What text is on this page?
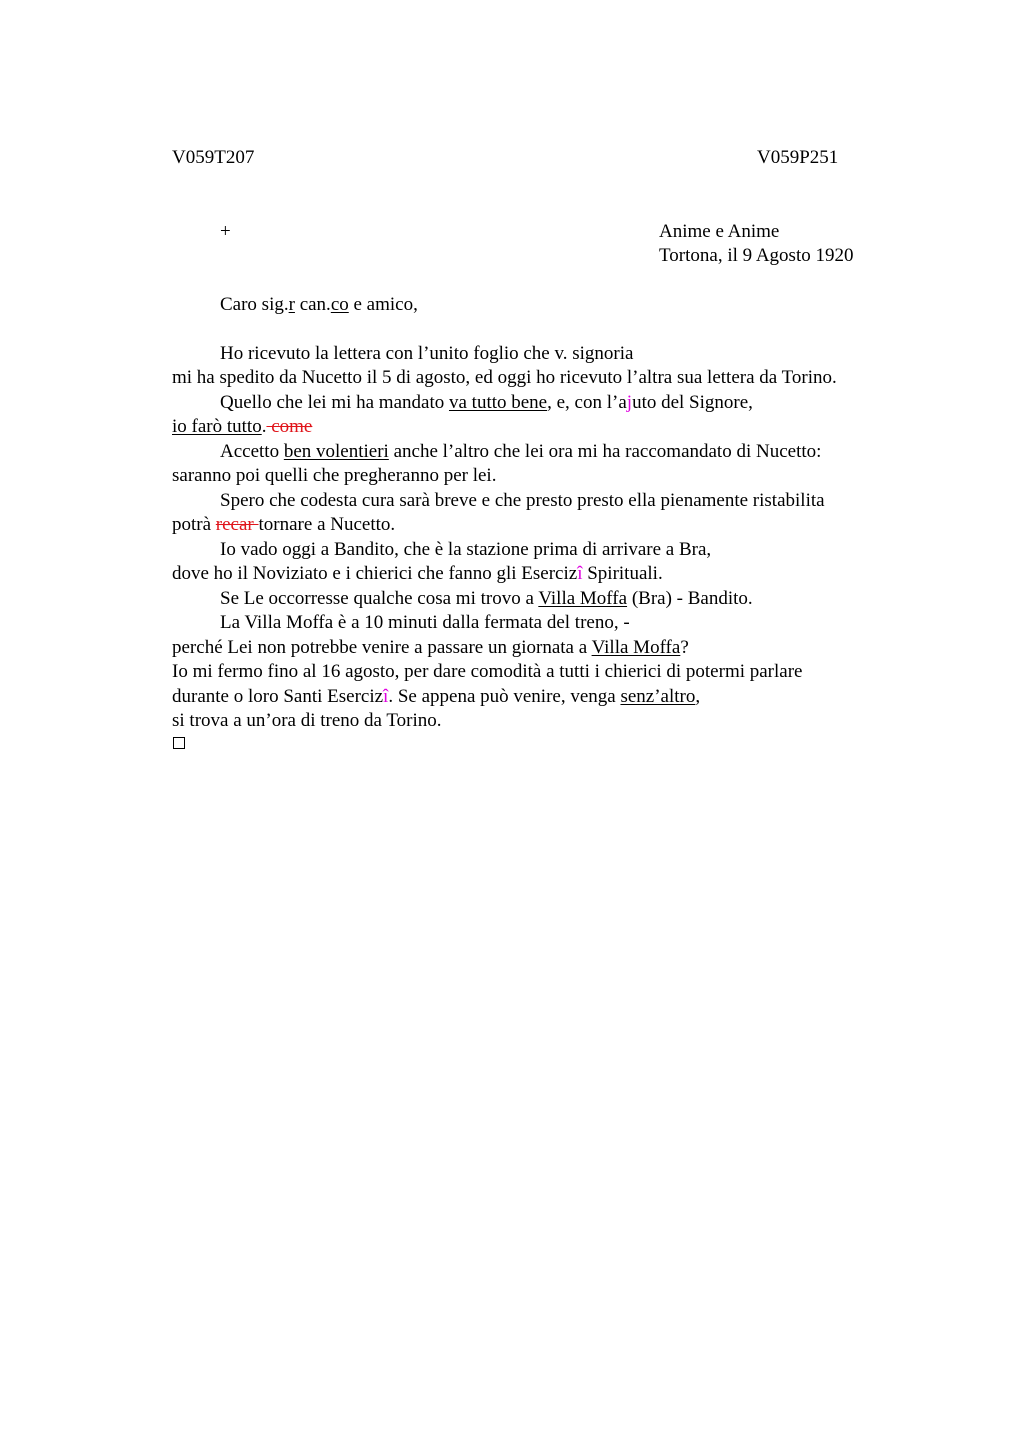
V059T207	V059P251
+	Anime e Anime
Tortona, il 9 Agosto 1920
Caro sig.r can.co e amico,
Ho ricevuto la lettera con l’unito foglio che v. signoria
mi ha spedito da Nucetto il 5 di agosto, ed oggi ho ricevuto l’altra sua lettera da Torino.
Quello che lei mi ha mandato va tutto bene, e, con l’ajuto del Signore,
io farò tutto. come
Accetto ben volentieri anche l’altro che lei ora mi ha raccomandato di Nucetto:
saranno poi quelli che pregheranno per lei.
Spero che codesta cura sarà breve e che presto presto ella pienamente ristabilita
potrà recar tornare a Nucetto.
Io vado oggi a Bandito, che è la stazione prima di arrivare a Bra,
dove ho il Noviziato e i chierici che fanno gli Esercizî Spirituali.
Se Le occorresse qualche cosa mi trovo a Villa Moffa (Bra) - Bandito.
La Villa Moffa è a 10 minuti dalla fermata del treno, -
perché Lei non potrebbe venire a passare un giornata a Villa Moffa?
Io mi fermo fino al 16 agosto, per dare comodità a tutti i chierici di potermi parlare
durante o loro Santi Esercizî. Se appena può venire, venga senz’altro,
si trova a un’ora di treno da Torino.
